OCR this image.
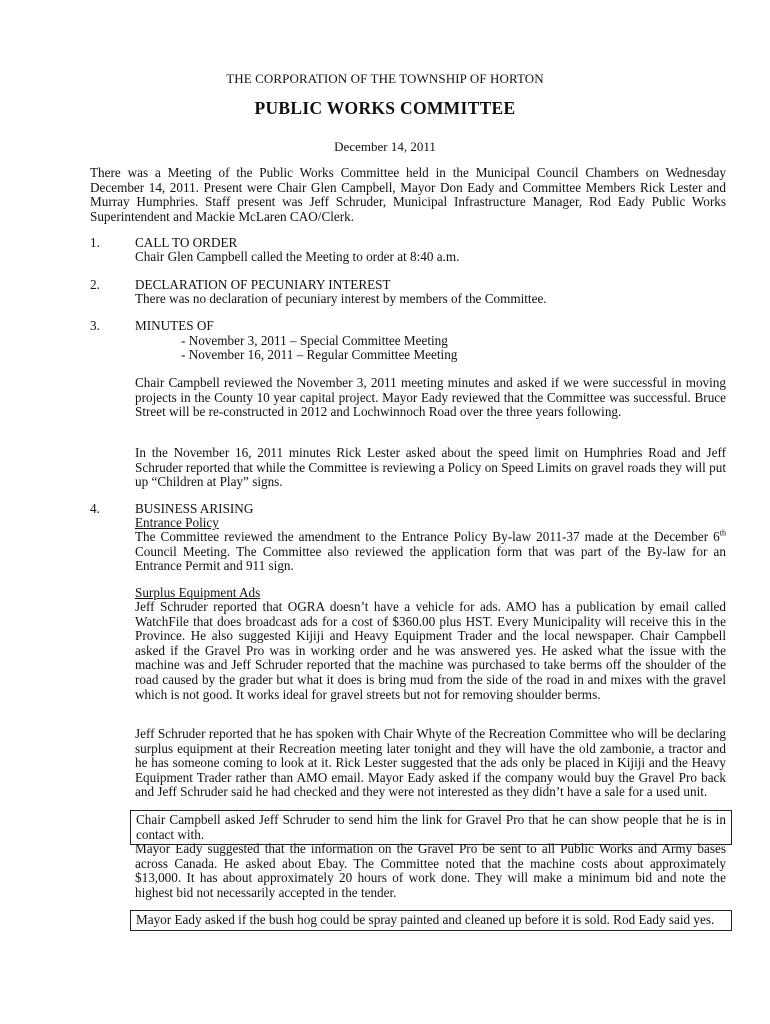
THE CORPORATION OF THE TOWNSHIP OF HORTON
PUBLIC WORKS COMMITTEE
December 14, 2011
There was a Meeting of the Public Works Committee held in the Municipal Council Chambers on Wednesday December 14, 2011. Present were Chair Glen Campbell, Mayor Don Eady and Committee Members Rick Lester and Murray Humphries. Staff present was Jeff Schruder, Municipal Infrastructure Manager, Rod Eady Public Works Superintendent and Mackie McLaren CAO/Clerk.
1.	CALL TO ORDER
Chair Glen Campbell called the Meeting to order at 8:40 a.m.
2.	DECLARATION OF PECUNIARY INTEREST
There was no declaration of pecuniary interest by members of the Committee.
3.	MINUTES OF
- November 3, 2011 – Special Committee Meeting
- November 16, 2011 – Regular Committee Meeting
Chair Campbell reviewed the November 3, 2011 meeting minutes and asked if we were successful in moving projects in the County 10 year capital project. Mayor Eady reviewed that the Committee was successful. Bruce Street will be re-constructed in 2012 and Lochwinnoch Road over the three years following.
In the November 16, 2011 minutes Rick Lester asked about the speed limit on Humphries Road and Jeff Schruder reported that while the Committee is reviewing a Policy on Speed Limits on gravel roads they will put up “Children at Play” signs.
4.	BUSINESS ARISING
Entrance Policy
The Committee reviewed the amendment to the Entrance Policy By-law 2011-37 made at the December 6th Council Meeting. The Committee also reviewed the application form that was part of the By-law for an Entrance Permit and 911 sign.
Surplus Equipment Ads
Jeff Schruder reported that OGRA doesn’t have a vehicle for ads. AMO has a publication by email called WatchFile that does broadcast ads for a cost of $360.00 plus HST. Every Municipality will receive this in the Province. He also suggested Kijiji and Heavy Equipment Trader and the local newspaper. Chair Campbell asked if the Gravel Pro was in working order and he was answered yes. He asked what the issue with the machine was and Jeff Schruder reported that the machine was purchased to take berms off the shoulder of the road caused by the grader but what it does is bring mud from the side of the road in and mixes with the gravel which is not good. It works ideal for gravel streets but not for removing shoulder berms.
Jeff Schruder reported that he has spoken with Chair Whyte of the Recreation Committee who will be declaring surplus equipment at their Recreation meeting later tonight and they will have the old zambonie, a tractor and he has someone coming to look at it. Rick Lester suggested that the ads only be placed in Kijiji and the Heavy Equipment Trader rather than AMO email. Mayor Eady asked if the company would buy the Gravel Pro back and Jeff Schruder said he had checked and they were not interested as they didn’t have a sale for a used unit.
Chair Campbell asked Jeff Schruder to send him the link for Gravel Pro that he can show people that he is in contact with.
Mayor Eady suggested that the information on the Gravel Pro be sent to all Public Works and Army bases across Canada. He asked about Ebay. The Committee noted that the machine costs about approximately $13,000. It has about approximately 20 hours of work done. They will make a minimum bid and note the highest bid not necessarily accepted in the tender.
Mayor Eady asked if the bush hog could be spray painted and cleaned up before it is sold. Rod Eady said yes.
